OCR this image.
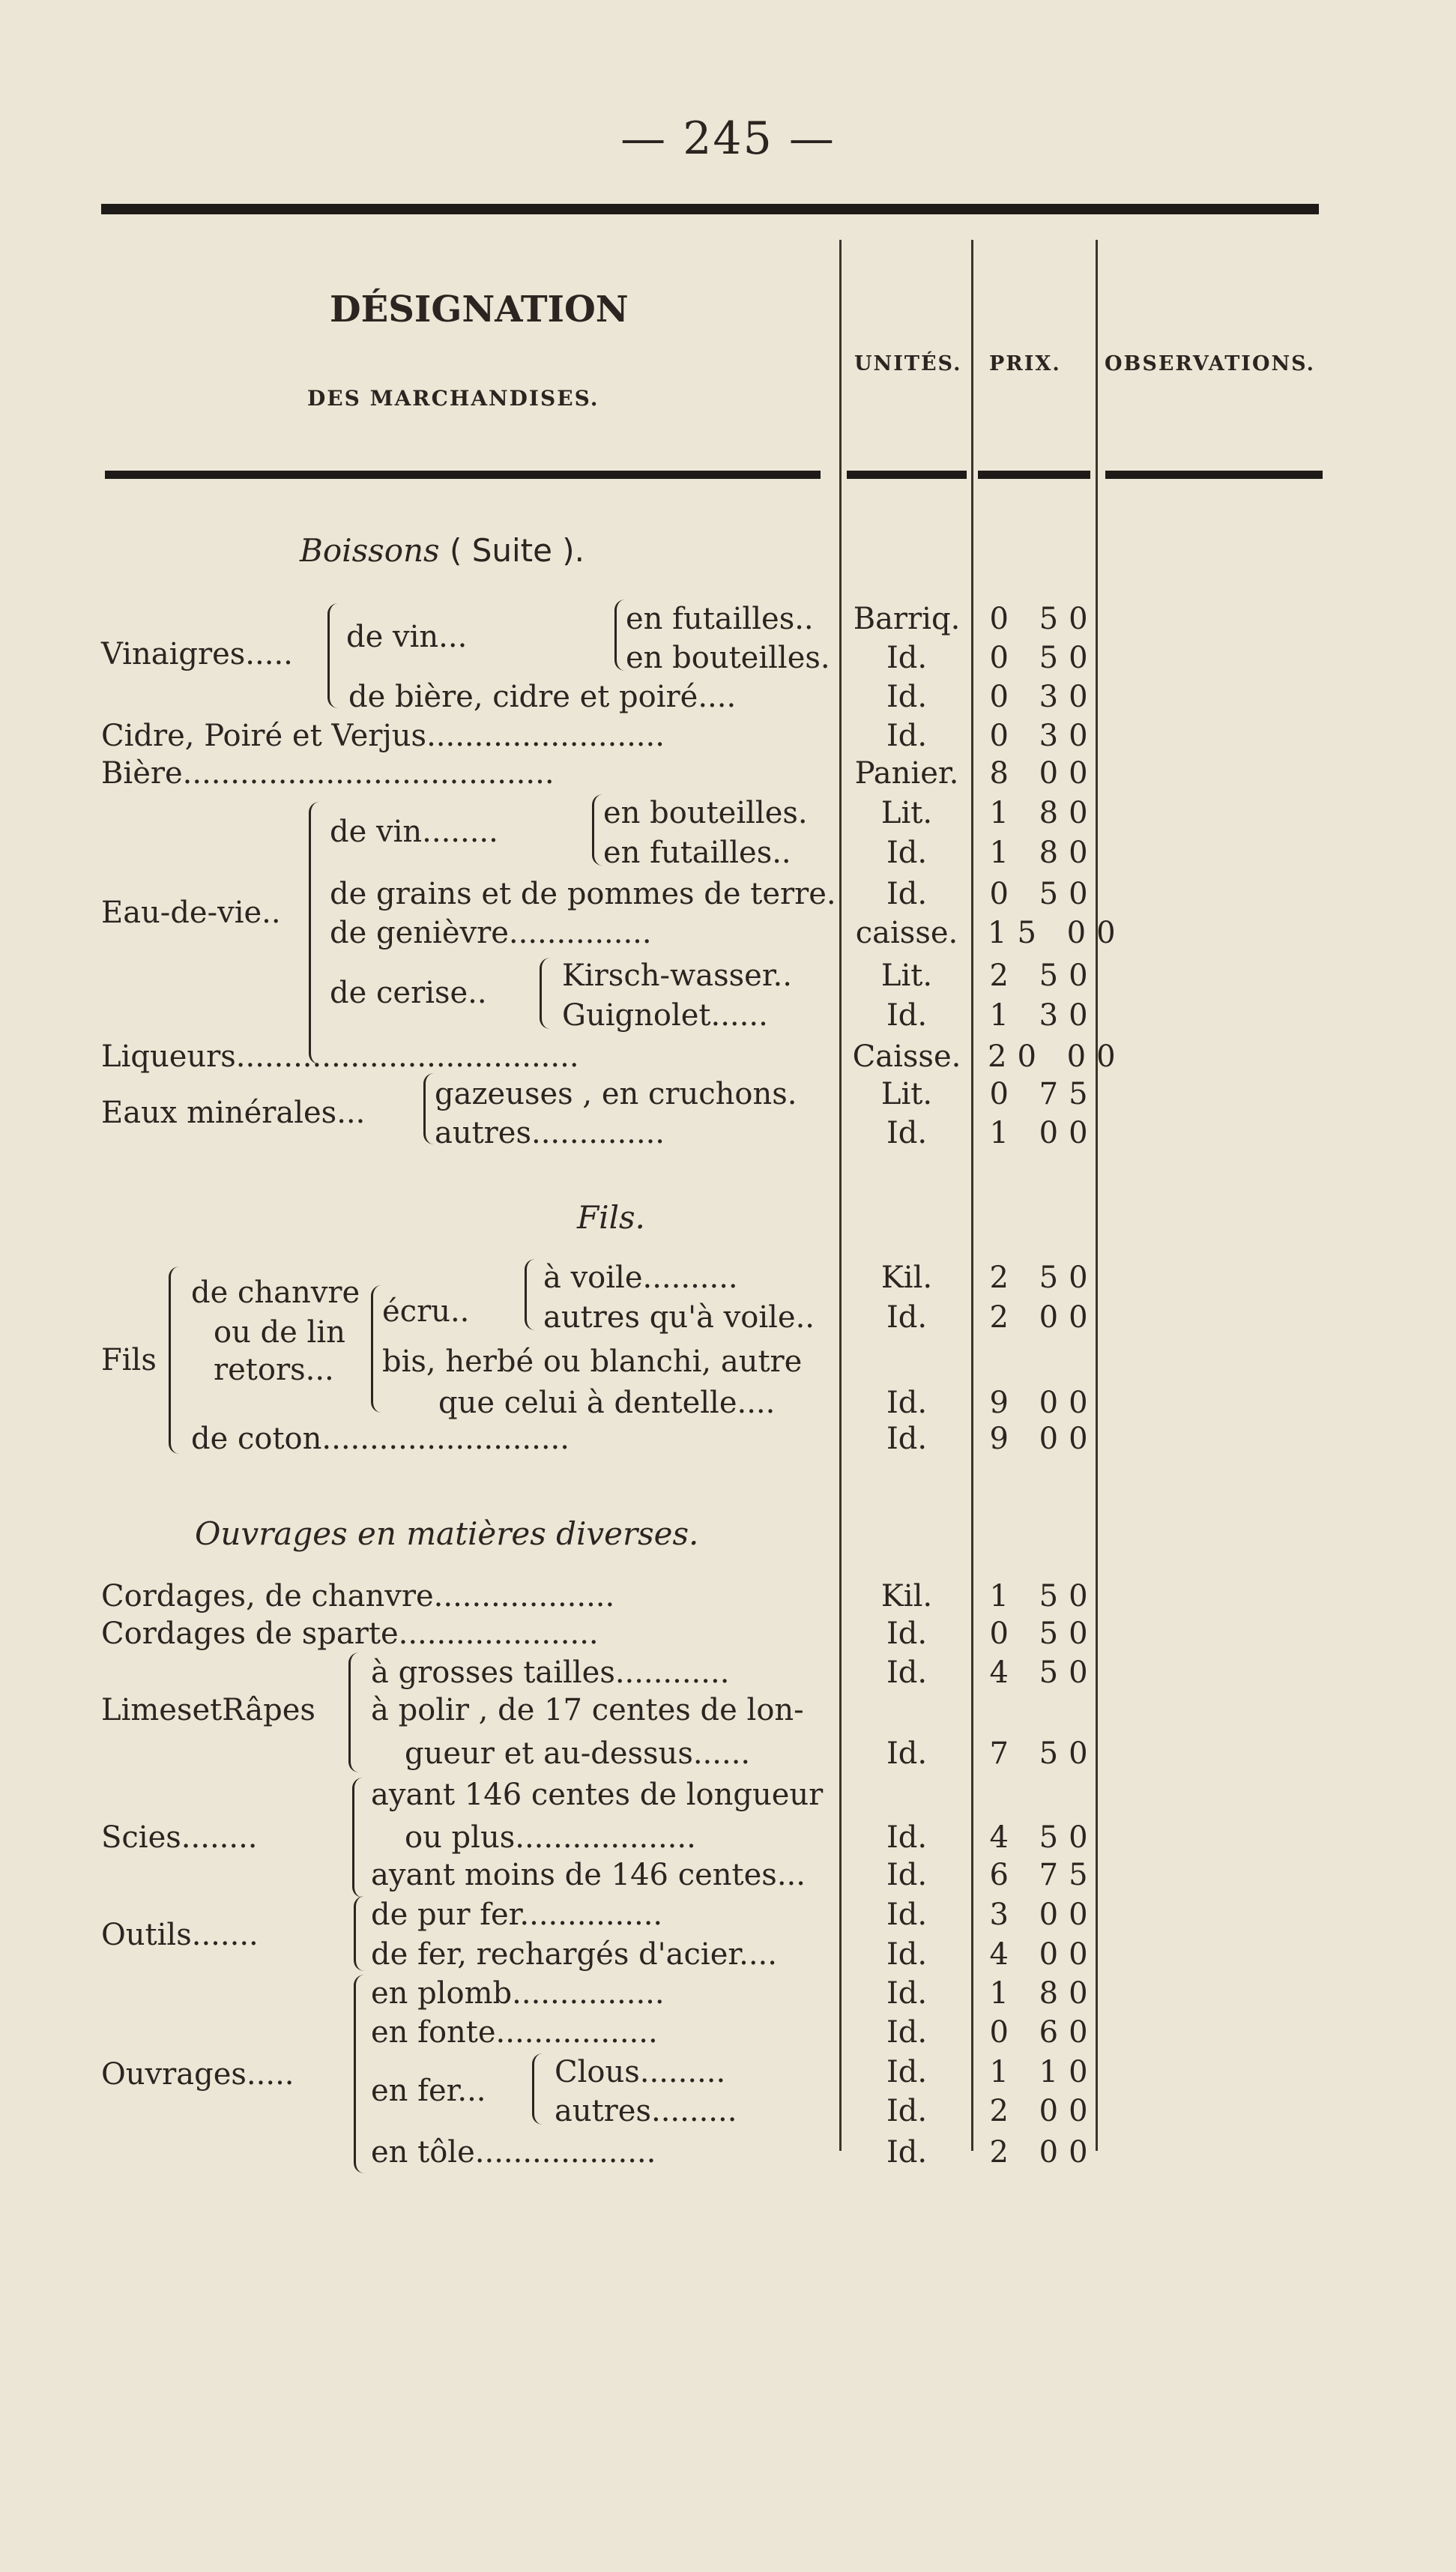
— 245 —
DÉSIGNATION
DES MARCHANDISES.
UNITÉS. PRIX. OBSERVATIONS.
Boissons ( Suite ).
Vinaigres..... de vin...
en futailles..	Barriq. 0 50
en bouteilles.	Id.	0 50
de bière, cidre et poiré....	Id.	0 30
Cidre, Poiré et Verjus.........................	Id.	0 30
Bière.......................................	Panier.	8 00
Eau-de-vie..
de vin........
en bouteilles.	Lit.	1 80
en futailles..	Id.	1 80
de grains et de pommes de terre.	Id.	0 50
de genièvre...............	caisse. 15 00
de cerise..	Kirsch-wasser..	Lit.	2 50
Guignolet......	Id.	1 30
Liqueurs....................................	Caisse. 20 00
Eaux minérales...
gazeuses , en cruchons.	Lit.	0 75
autres..............	Id.	1 00
Fils.
Fils
de chanvre
ou de lin
retors...
écru..
à voile..........	Kil.	2 50
autres qu'à voile..	Id.	2 00
bis, herbé ou blanchi, autre
que celui à dentelle....	Id.	9 00
de coton..........................	Id.	9 00
Ouvrages en matières diverses.
Cordages, de chanvre...................	Kil.	1 50
Cordages de sparte.....................	Id.	0 50
LimesetRâpes
à grosses tailles............	Id.	4 50
à polir , de 17 centes de lon-
gueur et au-dessus......	Id.	7 50
Scies........
ayant 146 centes de longueur
ou plus...................	Id.	4 50
ayant moins de 146 centes...	Id.	6 75
Outils.......
de pur fer...............	Id.	3 00
de fer, rechargés d'acier....	Id.	4 00
Ouvrages.....
en plomb................	Id.	1 80
en fonte.................	Id.	0 60
en fer...
Clous.........	Id.	1 10
autres.........	Id.	2 00
en tôle...................	Id.	2 00
